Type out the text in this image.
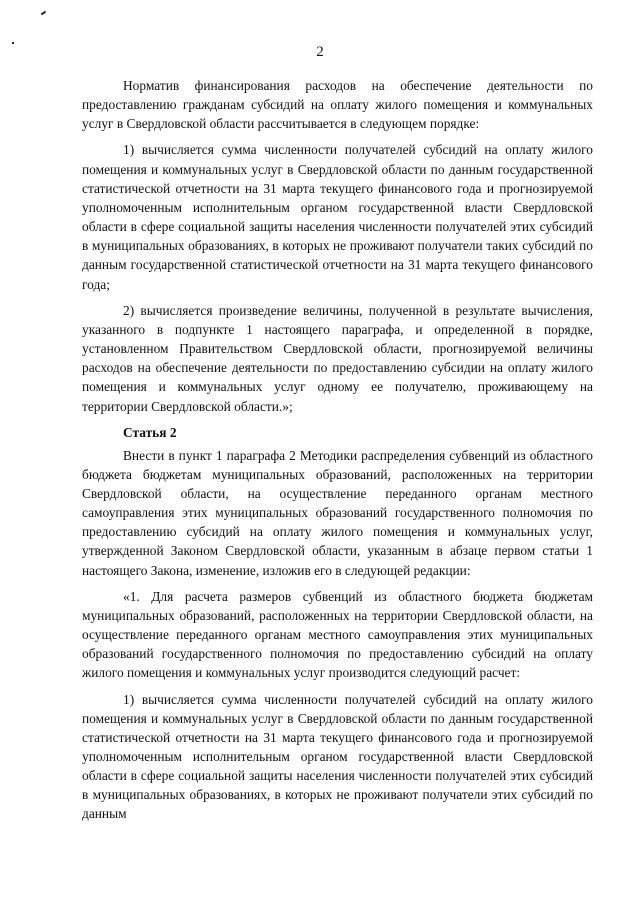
2

Норматив финансирования расходов на обеспечение деятельности по предоставлению гражданам субсидий на оплату жилого помещения и коммунальных услуг в Свердловской области рассчитывается в следующем порядке:

1) вычисляется сумма численности получателей субсидий на оплату жилого помещения и коммунальных услуг в Свердловской области по данным государственной статистической отчетности на 31 марта текущего финансового года и прогнозируемой уполномоченным исполнительным органом государственной власти Свердловской области в сфере социальной защиты населения численности получателей этих субсидий в муниципальных образованиях, в которых не проживают получатели таких субсидий по данным государственной статистической отчетности на 31 марта текущего финансового года;

2) вычисляется произведение величины, полученной в результате вычисления, указанного в подпункте 1 настоящего параграфа, и определенной в порядке, установленном Правительством Свердловской области, прогнозируемой величины расходов на обеспечение деятельности по предоставлению субсидии на оплату жилого помещения и коммунальных услуг одному ее получателю, проживающему на территории Свердловской области.»;

Статья 2

Внести в пункт 1 параграфа 2 Методики распределения субвенций из областного бюджета бюджетам муниципальных образований, расположенных на территории Свердловской области, на осуществление переданного органам местного самоуправления этих муниципальных образований государственного полномочия по предоставлению субсидий на оплату жилого помещения и коммунальных услуг, утвержденной Законом Свердловской области, указанным в абзаце первом статьи 1 настоящего Закона, изменение, изложив его в следующей редакции:

«1. Для расчета размеров субвенций из областного бюджета бюджетам муниципальных образований, расположенных на территории Свердловской области, на осуществление переданного органам местного самоуправления этих муниципальных образований государственного полномочия по предоставлению субсидий на оплату жилого помещения и коммунальных услуг производится следующий расчет:

1) вычисляется сумма численности получателей субсидий на оплату жилого помещения и коммунальных услуг в Свердловской области по данным государственной статистической отчетности на 31 марта текущего финансового года и прогнозируемой уполномоченным исполнительным органом государственной власти Свердловской области в сфере социальной защиты населения численности получателей этих субсидий в муниципальных образованиях, в которых не проживают получатели этих субсидий по данным
